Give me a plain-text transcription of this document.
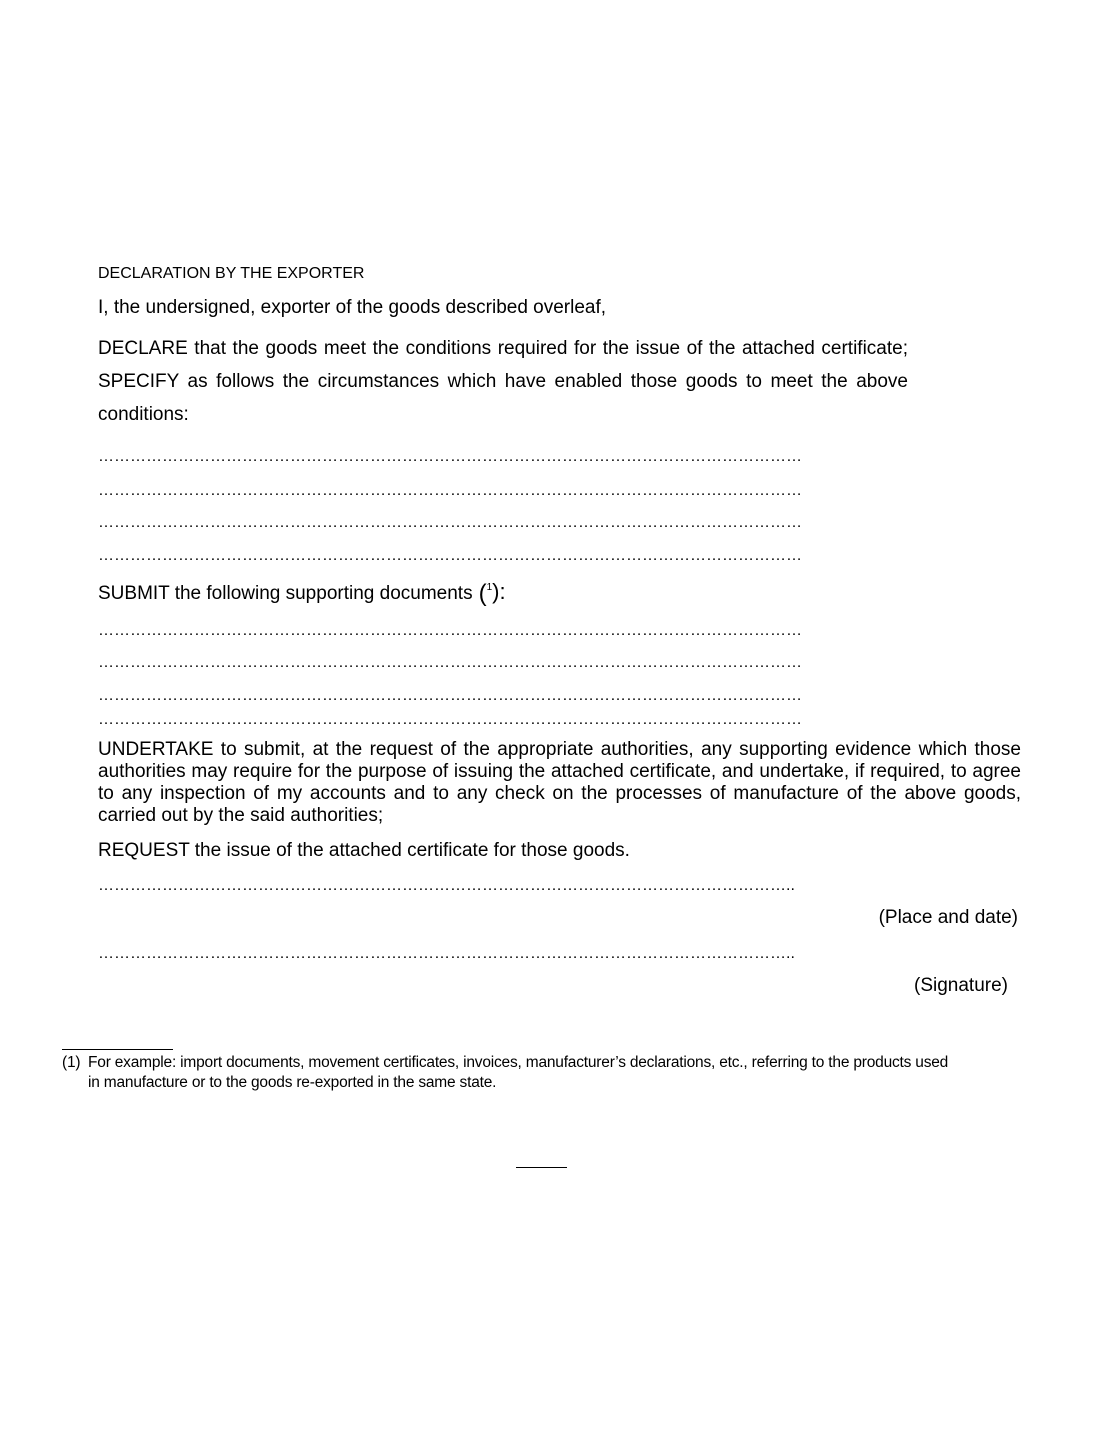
DECLARATION BY THE EXPORTER
I, the undersigned, exporter of the goods described overleaf,
DECLARE that the goods meet the conditions required for the issue of the attached certificate; SPECIFY as follows the circumstances which have enabled those goods to meet the above conditions:
……………………………………………………………………………………………………………………
……………………………………………………………………………………………………………………
……………………………………………………………………………………………………………………
……………………………………………………………………………………………………………………
SUBMIT the following supporting documents ($^1$):
……………………………………………………………………………………………………………………
……………………………………………………………………………………………………………………
……………………………………………………………………………………………………………………
……………………………………………………………………………………………………………………
UNDERTAKE to submit, at the request of the appropriate authorities, any supporting evidence which those authorities may require for the purpose of issuing the attached certificate, and undertake, if required, to agree to any inspection of my accounts and to any check on the processes of manufacture of the above goods, carried out by the said authorities;
REQUEST the issue of the attached certificate for those goods.
…………………………………………………………………………………………………………………..
(Place and date)
…………………………………………………………………………………………………………………..
(Signature)
(1) For example: import documents, movement certificates, invoices, manufacturer’s declarations, etc., referring to the products used
in manufacture or to the goods re-exported in the same state.
